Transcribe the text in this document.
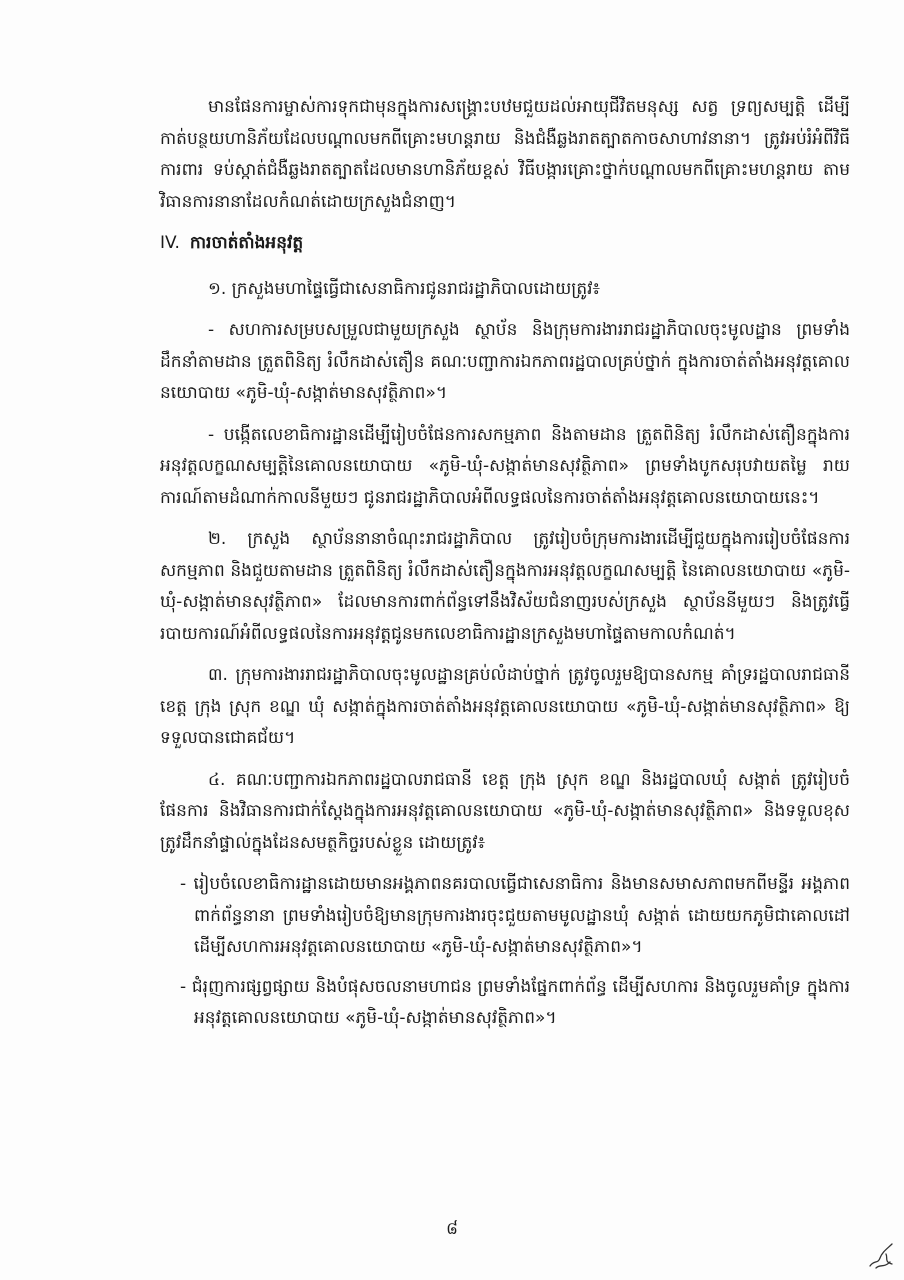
មានផែនការម្ចាស់ការទុកជាមុនក្នុងការសង្គ្រោះបឋមជួយដល់អាយុជីវិតមនុស្ស សត្វ ទ្រព្យសម្បត្តិ ដើម្បីកាត់បន្ថយហានិភ័យដែលបណ្តាលមកពីគ្រោះមហន្តរាយ និងជំងឺឆ្លងរាតត្បាតកាចសាហាវនានា។ ត្រូវអប់រំអំពីវិធីការពារ ទប់ស្កាត់ជំងឺឆ្លងរាតត្បាតដែលមានហានិភ័យខ្ពស់ វិធីបង្ការគ្រោះថ្នាក់បណ្តាលមកពីគ្រោះមហន្តរាយ តាមវិធានការនានាដែលកំណត់ដោយក្រសួងជំនាញ។

IV. ការចាត់តាំងអនុវត្ត

១. ក្រសួងមហាផ្ទៃធ្វើជាសេនាធិការជូនរាជរដ្ឋាភិបាលដោយត្រូវ៖

- សហការសម្របសម្រួលជាមួយក្រសួង ស្ថាប័ន និងក្រុមការងាររាជរដ្ឋាភិបាលចុះមូលដ្ឋាន ព្រមទាំងដឹកនាំតាមដាន ត្រួតពិនិត្យ រំលឹកដាស់តឿន គណៈបញ្ជាការឯកភាពរដ្ឋបាលគ្រប់ថ្នាក់ ក្នុងការចាត់តាំងអនុវត្តគោលនយោបាយ «ភូមិ-ឃុំ-សង្កាត់មានសុវត្ថិភាព»។

- បង្កើតលេខាធិការដ្ឋានដើម្បីរៀបចំផែនការសកម្មភាព និងតាមដាន ត្រួតពិនិត្យ រំលឹកដាស់តឿនក្នុងការអនុវត្តលក្ខណសម្បត្តិនៃគោលនយោបាយ «ភូមិ-ឃុំ-សង្កាត់មានសុវត្ថិភាព» ព្រមទាំងបូកសរុបវាយតម្លៃ រាយការណ៍តាមដំណាក់កាលនីមួយៗ ជូនរាជរដ្ឋាភិបាលអំពីលទ្ធផលនៃការចាត់តាំងអនុវត្តគោលនយោបាយនេះ។

២. ក្រសួង ស្ថាប័ននានាចំណុះរាជរដ្ឋាភិបាល ត្រូវរៀបចំក្រុមការងារដើម្បីជួយក្នុងការរៀបចំផែនការសកម្មភាព និងជួយតាមដាន ត្រួតពិនិត្យ រំលឹកដាស់តឿនក្នុងការអនុវត្តលក្ខណសម្បត្តិ នៃគោលនយោបាយ «ភូមិ-ឃុំ-សង្កាត់មានសុវត្ថិភាព» ដែលមានការពាក់ព័ន្ធទៅនឹងវិស័យជំនាញរបស់ក្រសួង ស្ថាប័ននីមួយៗ និងត្រូវធ្វើរបាយការណ៍អំពីលទ្ធផលនៃការអនុវត្តជូនមកលេខាធិការដ្ឋានក្រសួងមហាផ្ទៃតាមកាលកំណត់។

៣. ក្រុមការងាររាជរដ្ឋាភិបាលចុះមូលដ្ឋានគ្រប់លំដាប់ថ្នាក់ ត្រូវចូលរួមឱ្យបានសកម្ម គាំទ្ររដ្ឋបាលរាជធានី ខេត្ត ក្រុង ស្រុក ខណ្ឌ ឃុំ សង្កាត់ក្នុងការចាត់តាំងអនុវត្តគោលនយោបាយ «ភូមិ-ឃុំ-សង្កាត់មានសុវត្ថិភាព» ឱ្យទទួលបានជោគជ័យ។

៤. គណៈបញ្ជាការឯកភាពរដ្ឋបាលរាជធានី ខេត្ត ក្រុង ស្រុក ខណ្ឌ និងរដ្ឋបាលឃុំ សង្កាត់ ត្រូវរៀបចំផែនការ និងវិធានការជាក់ស្តែងក្នុងការអនុវត្តគោលនយោបាយ «ភូមិ-ឃុំ-សង្កាត់មានសុវត្ថិភាព» និងទទួលខុសត្រូវដឹកនាំផ្ទាល់ក្នុងដែនសមត្ថកិច្ចរបស់ខ្លួន ដោយត្រូវ៖

- រៀបចំលេខាធិការដ្ឋានដោយមានអង្គភាពនគរបាលធ្វើជាសេនាធិការ និងមានសមាសភាពមកពីមន្ទីរ អង្គភាពពាក់ព័ន្ធនានា ព្រមទាំងរៀបចំឱ្យមានក្រុមការងារចុះជួយតាមមូលដ្ឋានឃុំ សង្កាត់ ដោយយកភូមិជាគោលដៅ ដើម្បីសហការអនុវត្តគោលនយោបាយ «ភូមិ-ឃុំ-សង្កាត់មានសុវត្ថិភាព»។

- ជំរុញការផ្សព្វផ្សាយ និងបំផុសចលនាមហាជន ព្រមទាំងផ្នែកពាក់ព័ន្ធ ដើម្បីសហការ និងចូលរួមគាំទ្រ ក្នុងការអនុវត្តគោលនយោបាយ «ភូមិ-ឃុំ-សង្កាត់មានសុវត្ថិភាព»។

៨
